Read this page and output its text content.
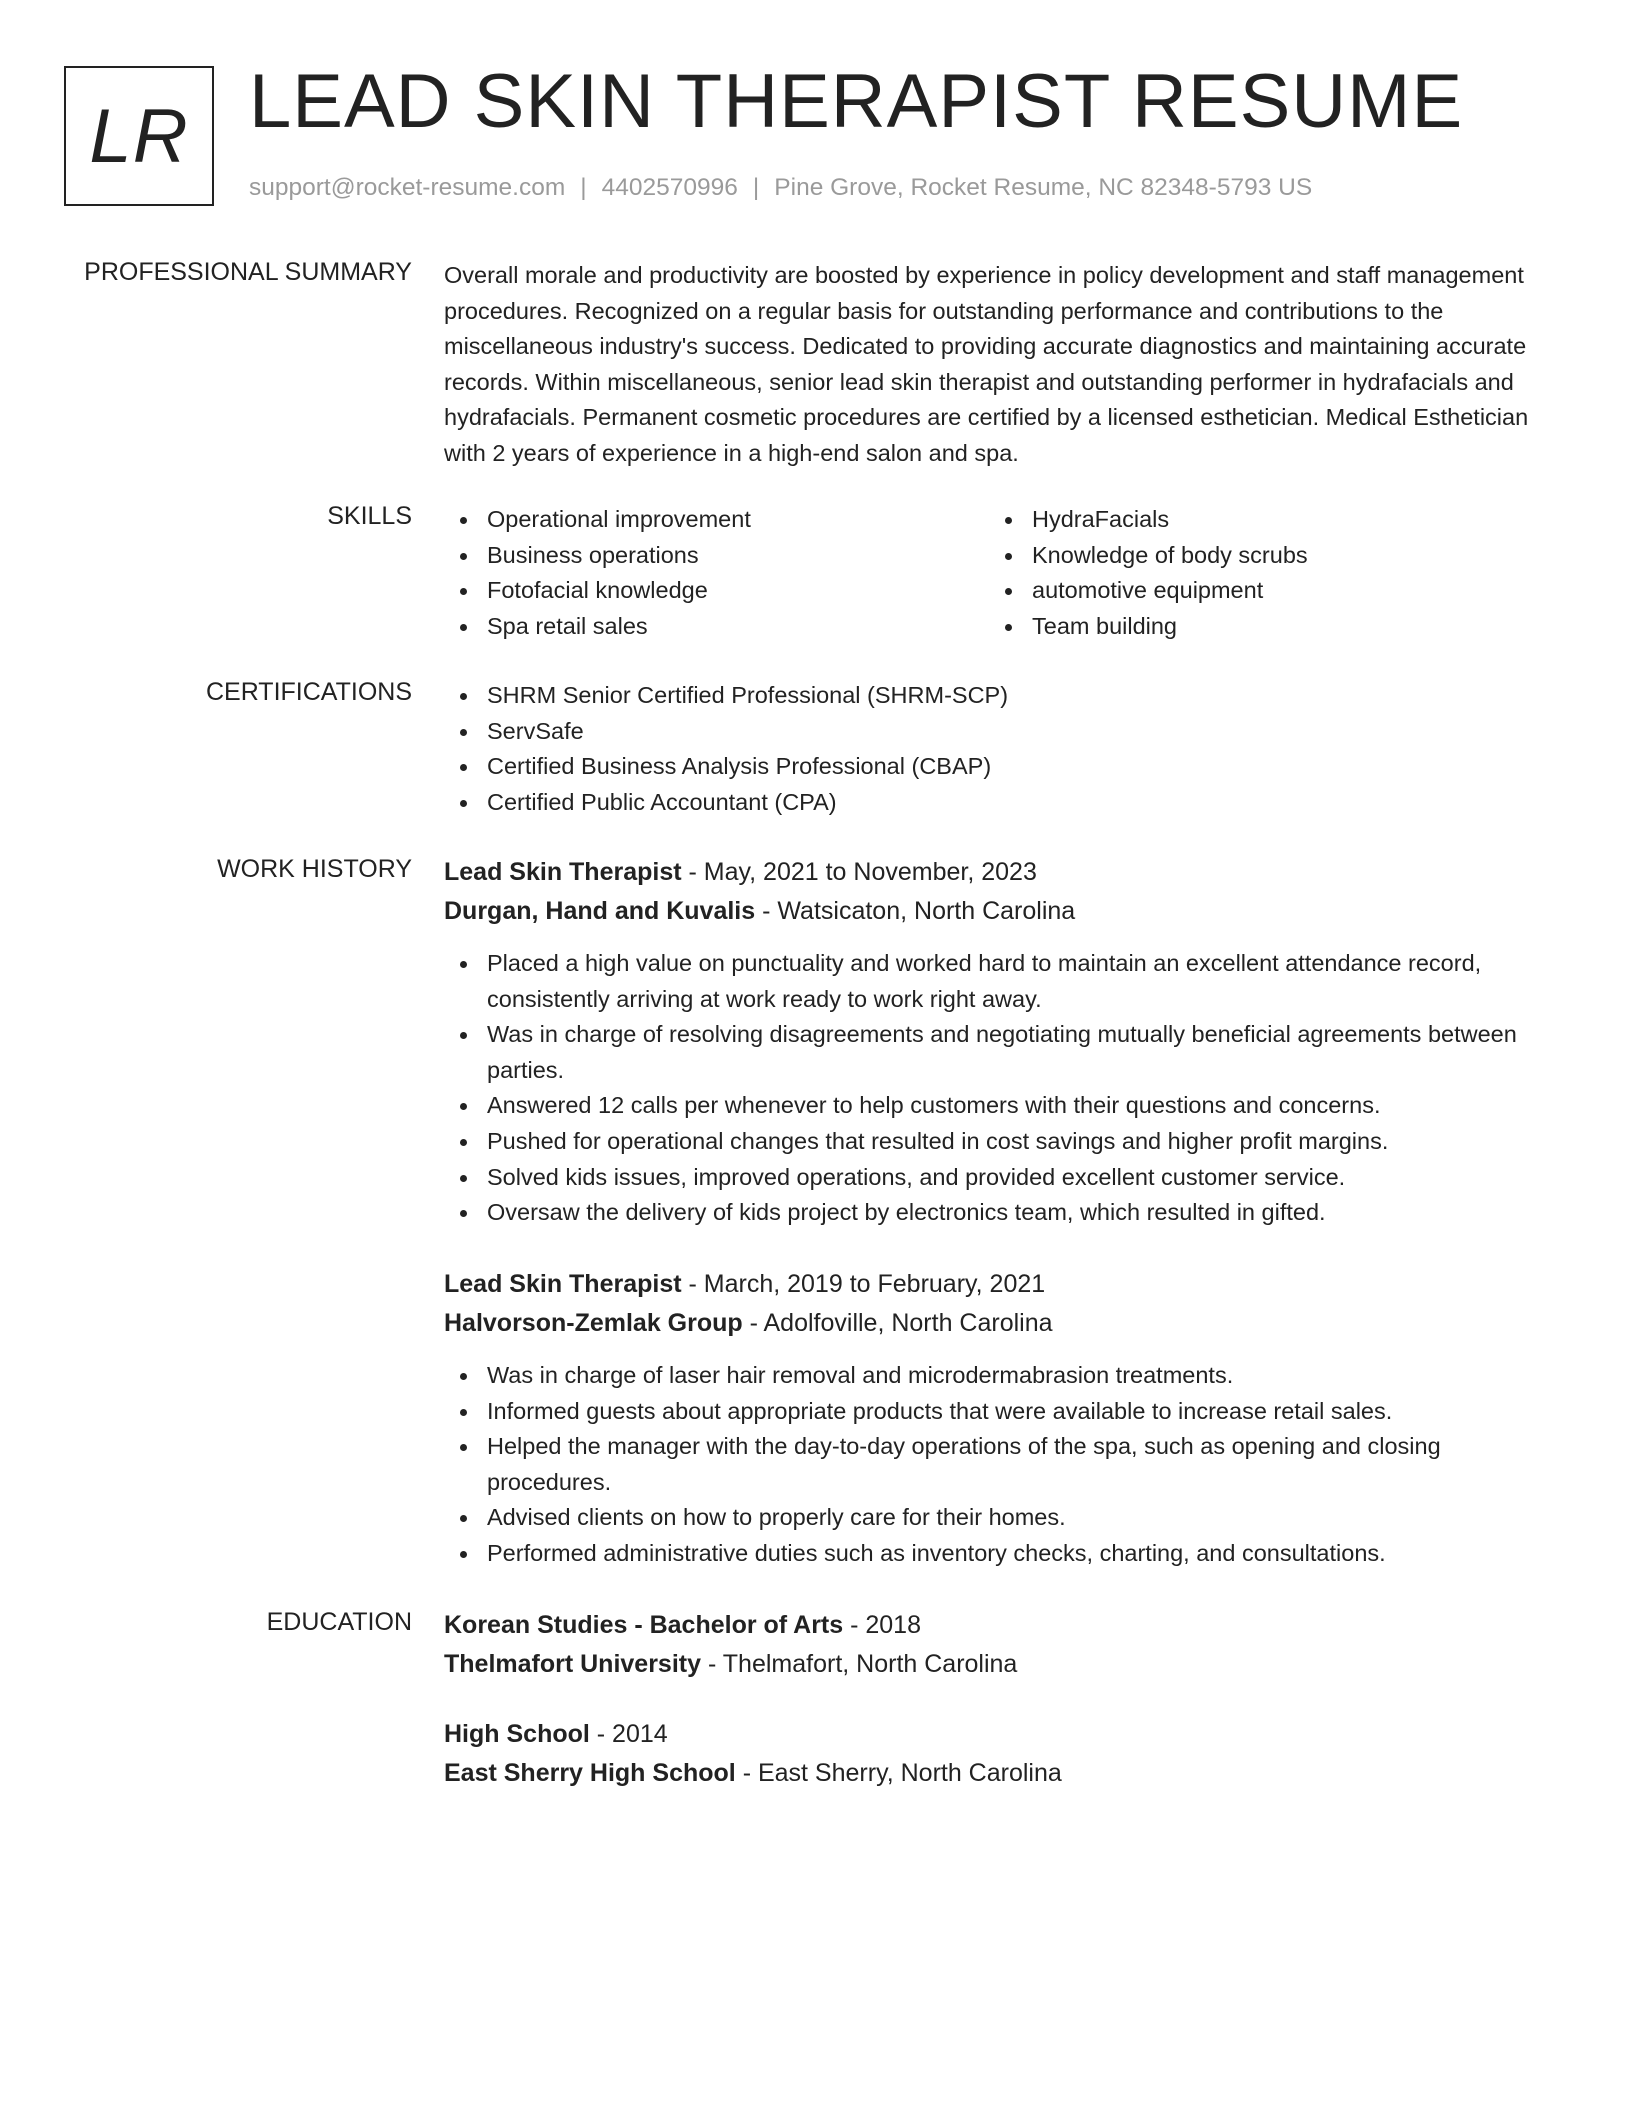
LR LEAD SKIN THERAPIST RESUME
support@rocket-resume.com | 4402570996 | Pine Grove, Rocket Resume, NC 82348-5793 US
PROFESSIONAL SUMMARY Overall morale and productivity are boosted by experience in policy development and staff management procedures. Recognized on a regular basis for outstanding performance and contributions to the miscellaneous industry's success. Dedicated to providing accurate diagnostics and maintaining accurate records. Within miscellaneous, senior lead skin therapist and outstanding performer in hydrafacials and hydrafacials. Permanent cosmetic procedures are certified by a licensed esthetician. Medical Esthetician with 2 years of experience in a high-end salon and spa.
SKILLS	Operational improvement
Business operations
Fotofacial knowledge
Spa retail sales
HydraFacials
Knowledge of body scrubs
automotive equipment
Team building
CERTIFICATIONS	SHRM Senior Certified Professional (SHRM-SCP)
ServSafe
Certified Business Analysis Professional (CBAP)
Certified Public Accountant (CPA)
WORK HISTORY Lead Skin Therapist - May, 2021 to November, 2023
Durgan, Hand and Kuvalis - Watsicaton, North Carolina
Placed a high value on punctuality and worked hard to maintain an excellent attendance record, consistently arriving at work ready to work right away.
Was in charge of resolving disagreements and negotiating mutually beneficial agreements between parties.
Answered 12 calls per whenever to help customers with their questions and concerns.
Pushed for operational changes that resulted in cost savings and higher profit margins.
Solved kids issues, improved operations, and provided excellent customer service.
Oversaw the delivery of kids project by electronics team, which resulted in gifted.
Lead Skin Therapist - March, 2019 to February, 2021
Halvorson-Zemlak Group - Adolfoville, North Carolina
Was in charge of laser hair removal and microdermabrasion treatments.
Informed guests about appropriate products that were available to increase retail sales.
Helped the manager with the day-to-day operations of the spa, such as opening and closing procedures.
Advised clients on how to properly care for their homes.
Performed administrative duties such as inventory checks, charting, and consultations.
EDUCATION Korean Studies - Bachelor of Arts - 2018
Thelmafort University - Thelmafort, North Carolina
High School - 2014
East Sherry High School - East Sherry, North Carolina
